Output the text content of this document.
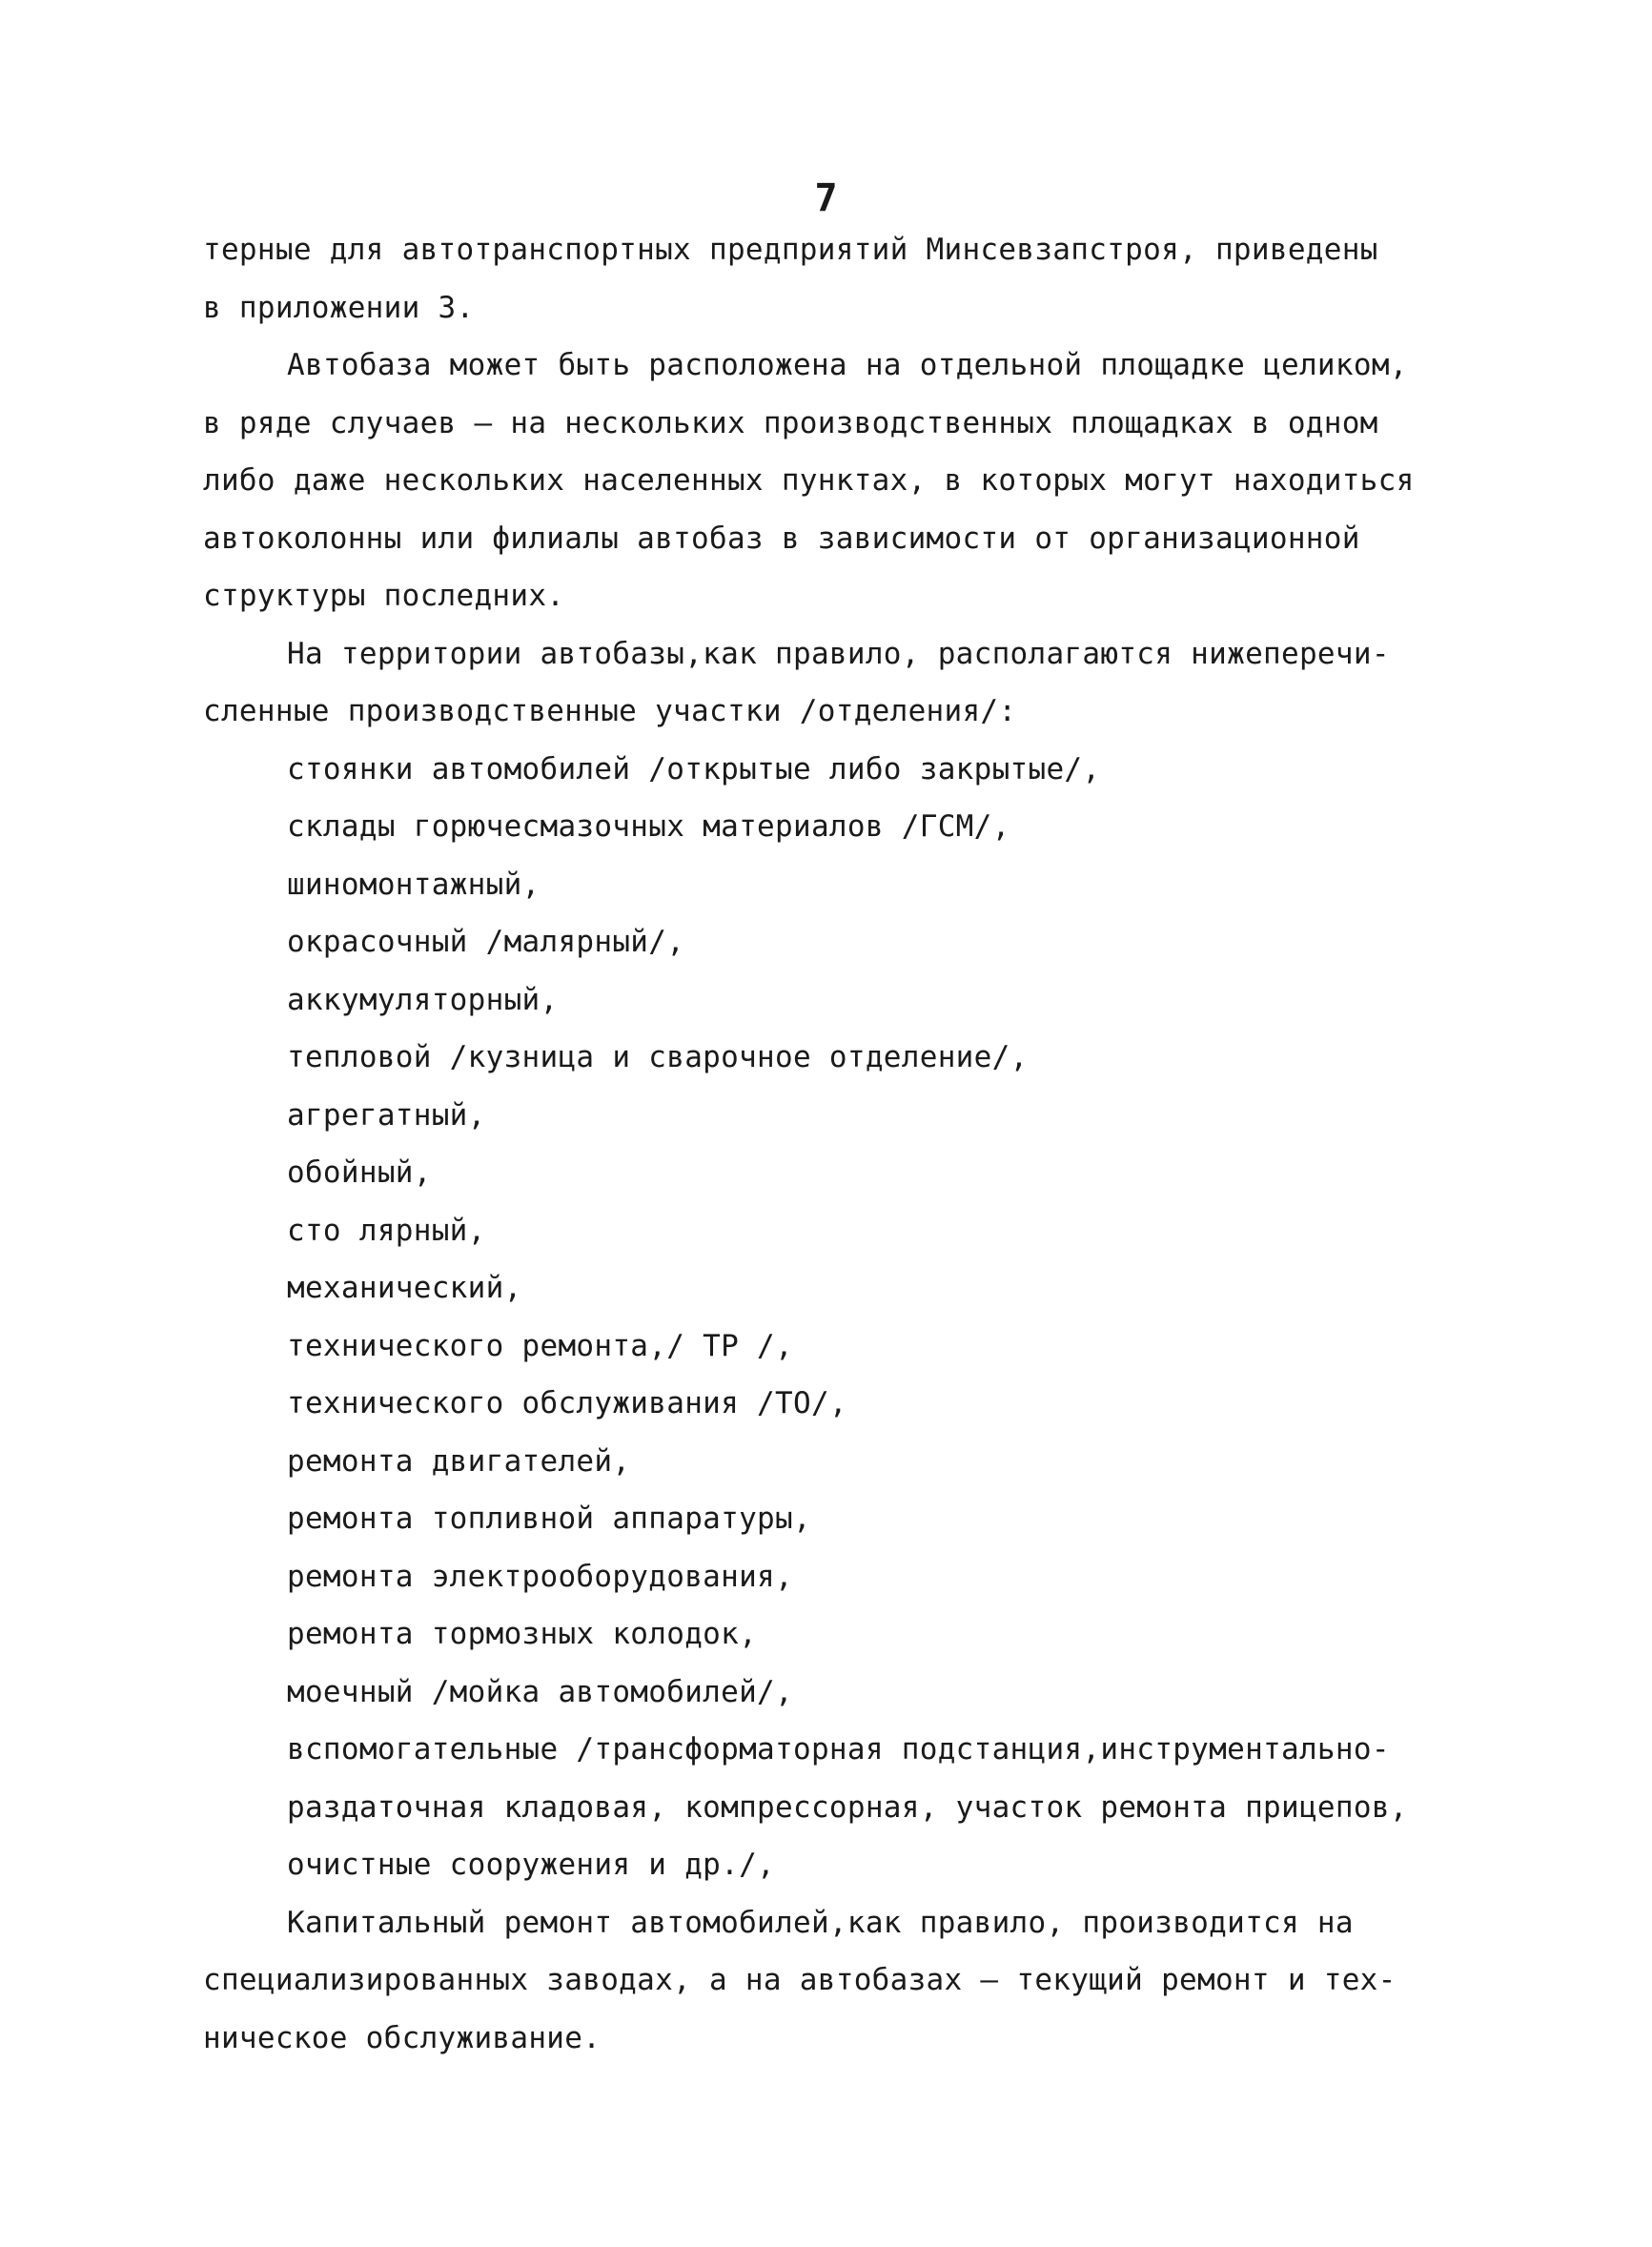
7
терные для автотранспортных предприятий Минсевзапстроя, приведены
в приложении 3.
Автобаза может быть расположена на отдельной площадке целиком,
в ряде случаев – на нескольких производственных площадках в одном
либо даже нескольких населенных пунктах, в которых могут находиться
автоколонны или филиалы автобаз в зависимости от организационной
структуры последних.
На территории автобазы,как правило, располагаются нижеперечи-
сленные производственные участки /отделения/:
стоянки автомобилей /открытые либо закрытые/,
склады горючесмазочных материалов /ГСМ/,
шиномонтажный,
окрасочный /малярный/,
аккумуляторный,
тепловой /кузница и сварочное отделение/,
агрегатный,
обойный,
сто лярный,
механический,
технического ремонта,/ ТР /,
технического обслуживания /ТО/,
ремонта двигателей,
ремонта топливной аппаратуры,
ремонта электрооборудования,
ремонта тормозных колодок,
моечный /мойка автомобилей/,
вспомогательные /трансформаторная подстанция,инструментально-
раздаточная кладовая, компрессорная, участок ремонта прицепов,
очистные сооружения и др./,
Капитальный ремонт автомобилей,как правило, производится на
специализированных заводах, а на автобазах – текущий ремонт и тех-
ническое обслуживание.
